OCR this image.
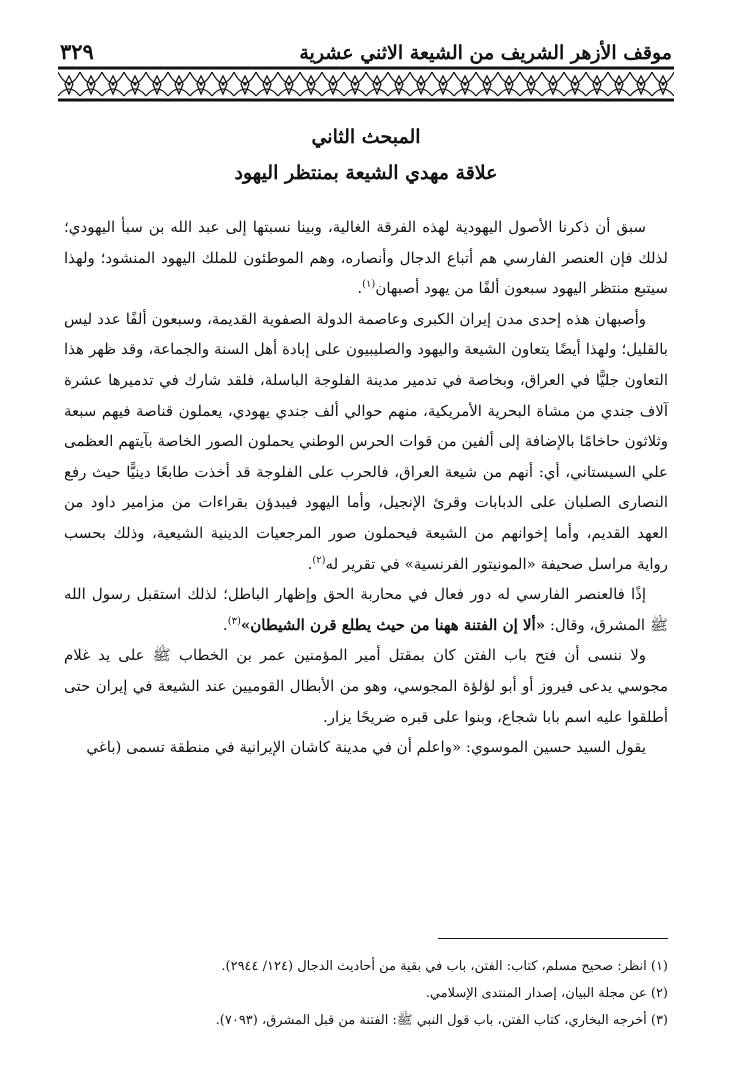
موقف الأزهر الشريف من الشيعة الاثني عشرية
٣٢٩
المبحث الثاني
علاقة مهدي الشيعة بمنتظر اليهود

سبق أن ذكرنا الأصول اليهودية لهذه الفرقة الغالية، وبينا نسبتها إلى عبد الله بن سبأ اليهودي؛ لذلك فإن العنصر الفارسي هم أتباع الدجال وأنصاره، وهم الموطئون للملك اليهود المنشود؛ ولهذا سيتبع منتظر اليهود سبعون ألفًا من يهود أصبهان$^{(١)}$.

وأصبهان هذه إحدى مدن إيران الكبرى وعاصمة الدولة الصفوية القديمة، وسبعون ألفًا عدد ليس بالقليل؛ ولهذا أيضًا يتعاون الشيعة واليهود والصليبيون على إبادة أهل السنة والجماعة، وقد ظهر هذا التعاون جليًّا في العراق، وبخاصة في تدمير مدينة الفلوجة الباسلة، فلقد شارك في تدميرها عشرة آلاف جندي من مشاة البحرية الأمريكية، منهم حوالي ألف جندي يهودي، يعملون قناصة فيهم سبعة وثلاثون حاخامًا بالإضافة إلى ألفين من قوات الحرس الوطني يحملون الصور الخاصة بآيتهم العظمى علي السيستاني، أي: أنهم من شيعة العراق، فالحرب على الفلوجة قد أخذت طابعًا دينيًّا حيث رفع النصارى الصلبان على الدبابات وقرئ الإنجيل، وأما اليهود فيبدؤن بقراءات من مزامير داود من العهد القديم، وأما إخوانهم من الشيعة فيحملون صور المرجعيات الدينية الشيعية، وذلك بحسب رواية مراسل صحيفة «المونيتور الفرنسية» في تقرير له$^{(٢)}$.

إذًا فالعنصر الفارسي له دور فعال في محاربة الحق وإظهار الباطل؛ لذلك استقبل رسول الله ﷺ المشرق، وقال: «ألا إن الفتنة ههنا من حيث يطلع قرن الشيطان»$^{(٣)}$.

ولا ننسى أن فتح باب الفتن كان بمقتل أمير المؤمنين عمر بن الخطاب ﷺ على يد غلام مجوسي يدعى فيروز أو أبو لؤلؤة المجوسي، وهو من الأبطال القوميين عند الشيعة في إيران حتى أطلقوا عليه اسم بابا شجاع، وبنوا على قبره ضريحًا يزار.

يقول السيد حسين الموسوي: «واعلم أن في مدينة كاشان الإيرانية في منطقة تسمى (باغي

(١) انظر: صحيح مسلم، كتاب: الفتن، باب في بقية من أحاديث الدجال (١٢٤/ ٢٩٤٤).
(٢) عن مجلة البيان، إصدار المنتدى الإسلامي.
(٣) أخرجه البخاري، كتاب الفتن، باب قول النبي ﷺ: الفتنة من قبل المشرق، (٧٠٩٣).
